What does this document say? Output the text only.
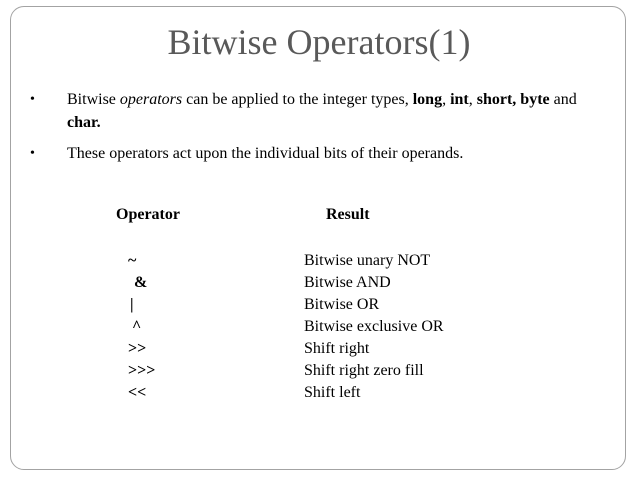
Bitwise Operators(1)
• Bitwise operators can be applied to the integer types, long, int, short, byte and char.
• These operators act upon the individual bits of their operands.
Operator	Result
~	Bitwise unary NOT
&	Bitwise AND
|	Bitwise OR
^	Bitwise exclusive OR
>>	Shift right
>>>	Shift right zero fill
<<	Shift left
